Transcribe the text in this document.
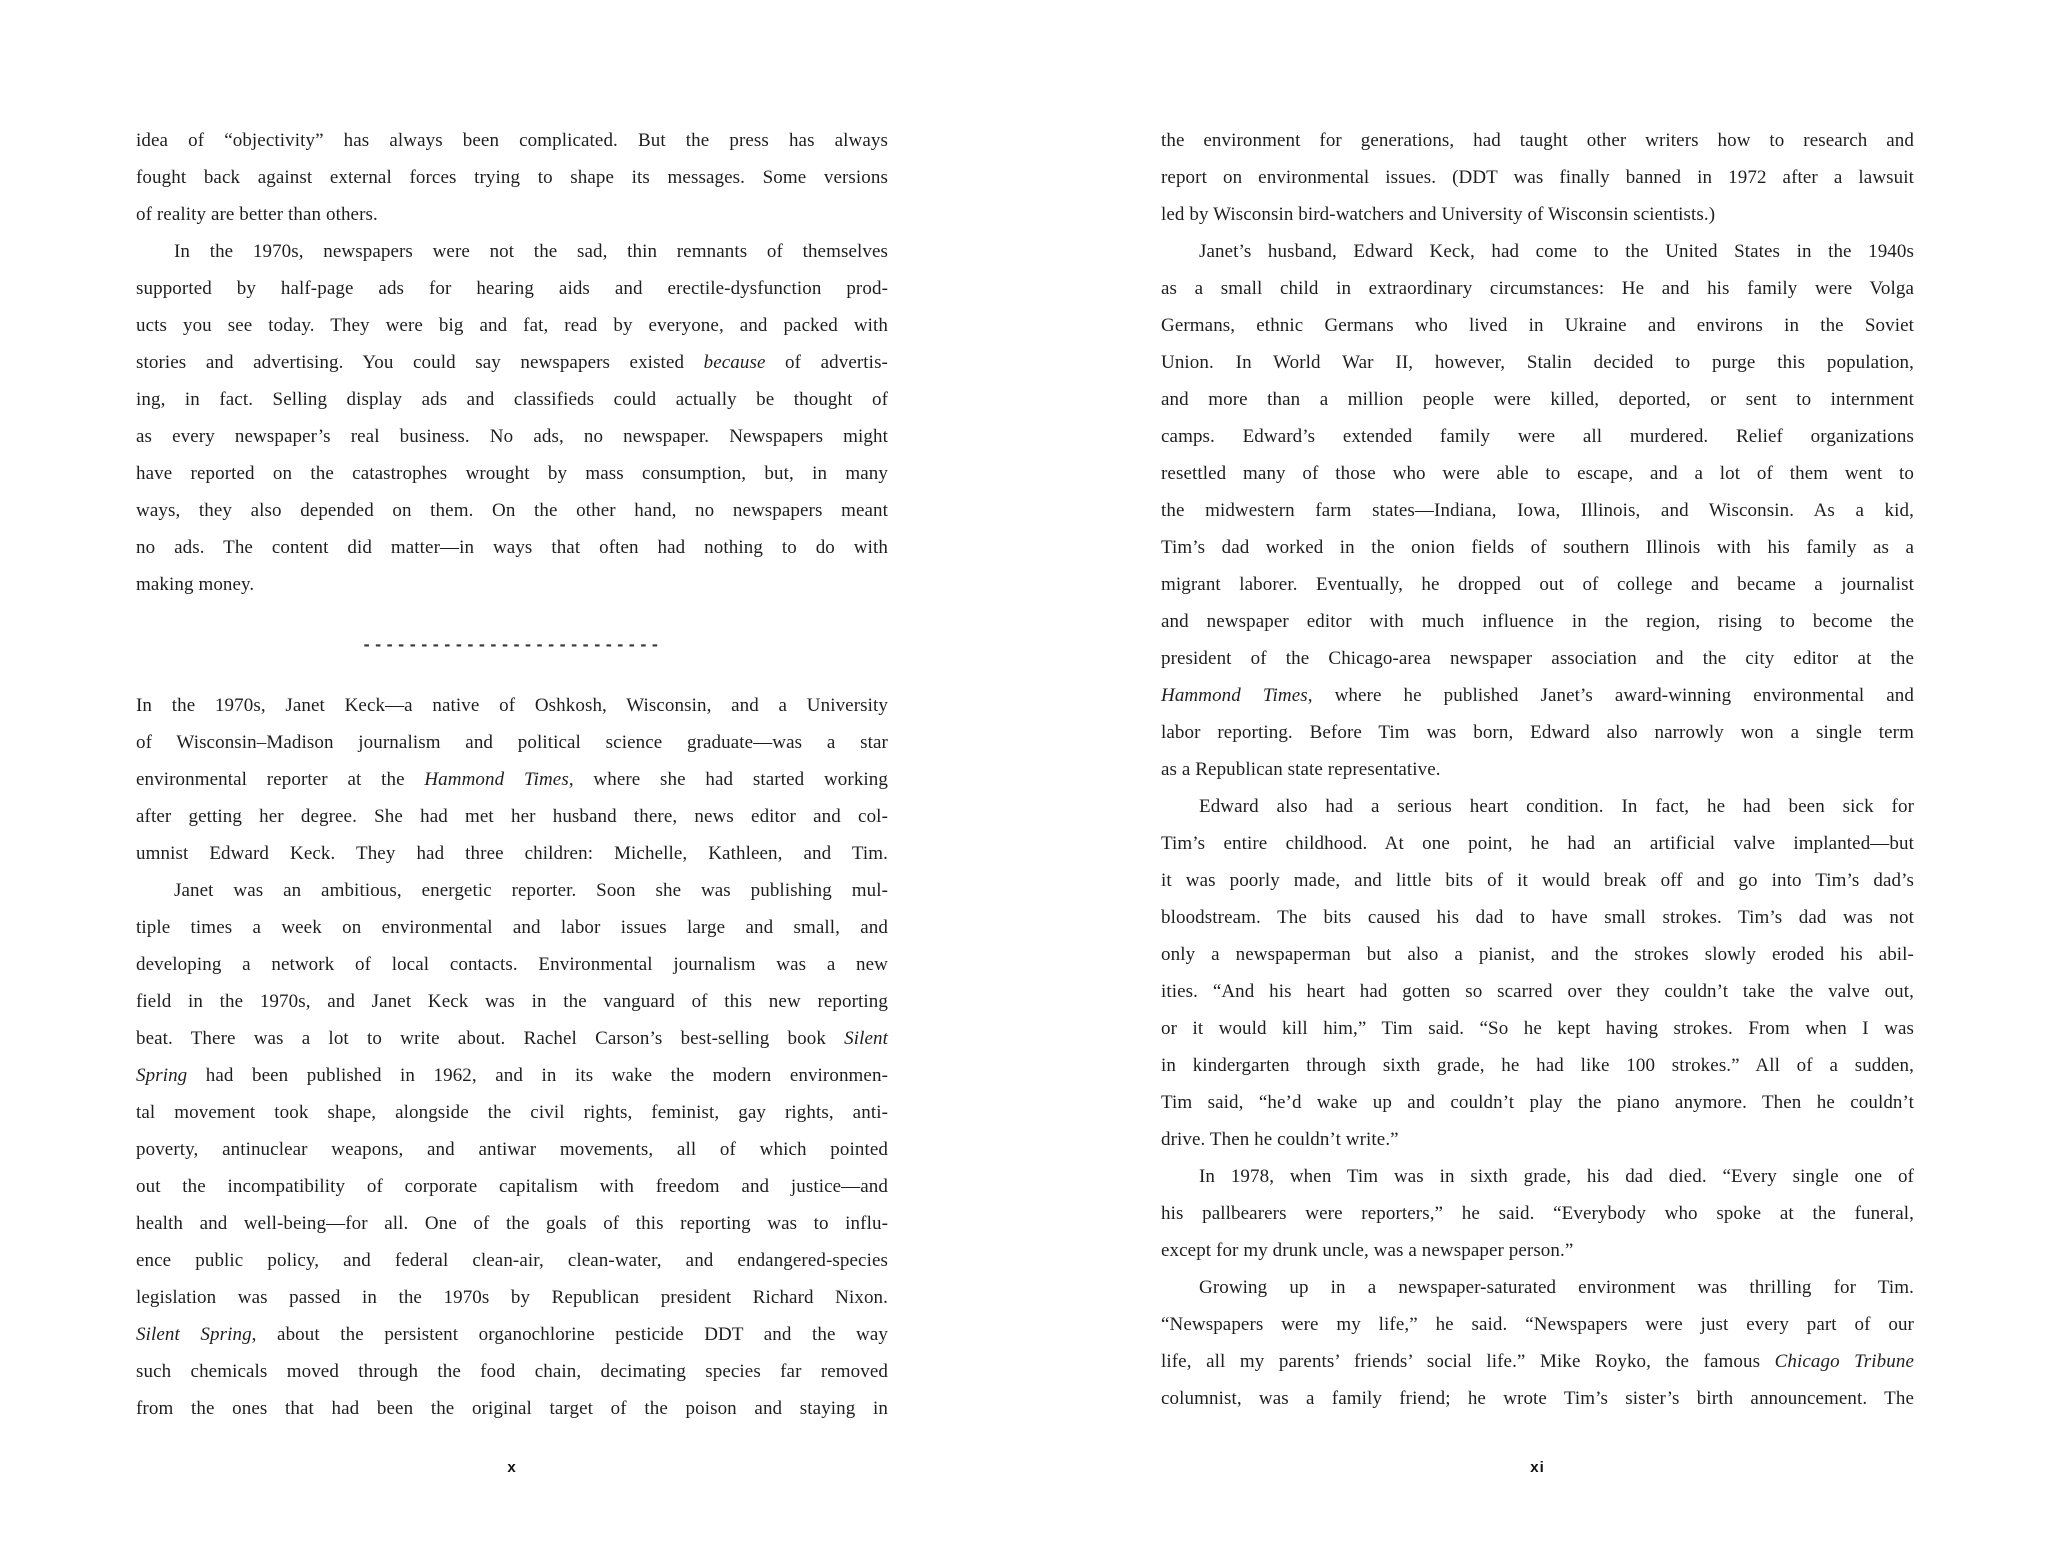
idea of “objectivity” has always been complicated. But the press has always
fought back against external forces trying to shape its messages. Some versions
of reality are better than others.
In the 1970s, newspapers were not the sad, thin remnants of themselves
supported by half-page ads for hearing aids and erectile-dysfunction prod-
ucts you see today. They were big and fat, read by everyone, and packed with
stories and advertising. You could say newspapers existed because of advertis-
ing, in fact. Selling display ads and classifieds could actually be thought of
as every newspaper’s real business. No ads, no newspaper. Newspapers might
have reported on the catastrophes wrought by mass consumption, but, in many
ways, they also depended on them. On the other hand, no newspapers meant
no ads. The content did matter—in ways that often had nothing to do with
making money.
--------------------------
In the 1970s, Janet Keck—a native of Oshkosh, Wisconsin, and a University
of Wisconsin–Madison journalism and political science graduate—was a star
environmental reporter at the Hammond Times, where she had started working
after getting her degree. She had met her husband there, news editor and col-
umnist Edward Keck. They had three children: Michelle, Kathleen, and Tim.
Janet was an ambitious, energetic reporter. Soon she was publishing mul-
tiple times a week on environmental and labor issues large and small, and
developing a network of local contacts. Environmental journalism was a new
field in the 1970s, and Janet Keck was in the vanguard of this new reporting
beat. There was a lot to write about. Rachel Carson’s best-selling book Silent
Spring had been published in 1962, and in its wake the modern environmen-
tal movement took shape, alongside the civil rights, feminist, gay rights, anti-
poverty, antinuclear weapons, and antiwar movements, all of which pointed
out the incompatibility of corporate capitalism with freedom and justice—and
health and well-being—for all. One of the goals of this reporting was to influ-
ence public policy, and federal clean-air, clean-water, and endangered-species
legislation was passed in the 1970s by Republican president Richard Nixon.
Silent Spring, about the persistent organochlorine pesticide DDT and the way
such chemicals moved through the food chain, decimating species far removed
from the ones that had been the original target of the poison and staying in
the environment for generations, had taught other writers how to research and
report on environmental issues. (DDT was finally banned in 1972 after a lawsuit
led by Wisconsin bird-watchers and University of Wisconsin scientists.)
Janet’s husband, Edward Keck, had come to the United States in the 1940s
as a small child in extraordinary circumstances: He and his family were Volga
Germans, ethnic Germans who lived in Ukraine and environs in the Soviet
Union. In World War II, however, Stalin decided to purge this population,
and more than a million people were killed, deported, or sent to internment
camps. Edward’s extended family were all murdered. Relief organizations
resettled many of those who were able to escape, and a lot of them went to
the midwestern farm states—Indiana, Iowa, Illinois, and Wisconsin. As a kid,
Tim’s dad worked in the onion fields of southern Illinois with his family as a
migrant laborer. Eventually, he dropped out of college and became a journalist
and newspaper editor with much influence in the region, rising to become the
president of the Chicago-area newspaper association and the city editor at the
Hammond Times, where he published Janet’s award-winning environmental and
labor reporting. Before Tim was born, Edward also narrowly won a single term
as a Republican state representative.
Edward also had a serious heart condition. In fact, he had been sick for
Tim’s entire childhood. At one point, he had an artificial valve implanted—but
it was poorly made, and little bits of it would break off and go into Tim’s dad’s
bloodstream. The bits caused his dad to have small strokes. Tim’s dad was not
only a newspaperman but also a pianist, and the strokes slowly eroded his abil-
ities. “And his heart had gotten so scarred over they couldn’t take the valve out,
or it would kill him,” Tim said. “So he kept having strokes. From when I was
in kindergarten through sixth grade, he had like 100 strokes.” All of a sudden,
Tim said, “he’d wake up and couldn’t play the piano anymore. Then he couldn’t
drive. Then he couldn’t write.”
In 1978, when Tim was in sixth grade, his dad died. “Every single one of
his pallbearers were reporters,” he said. “Everybody who spoke at the funeral,
except for my drunk uncle, was a newspaper person.”
Growing up in a newspaper-saturated environment was thrilling for Tim.
“Newspapers were my life,” he said. “Newspapers were just every part of our
life, all my parents’ friends’ social life.” Mike Royko, the famous Chicago Tribune
columnist, was a family friend; he wrote Tim’s sister’s birth announcement. The
x	xi
